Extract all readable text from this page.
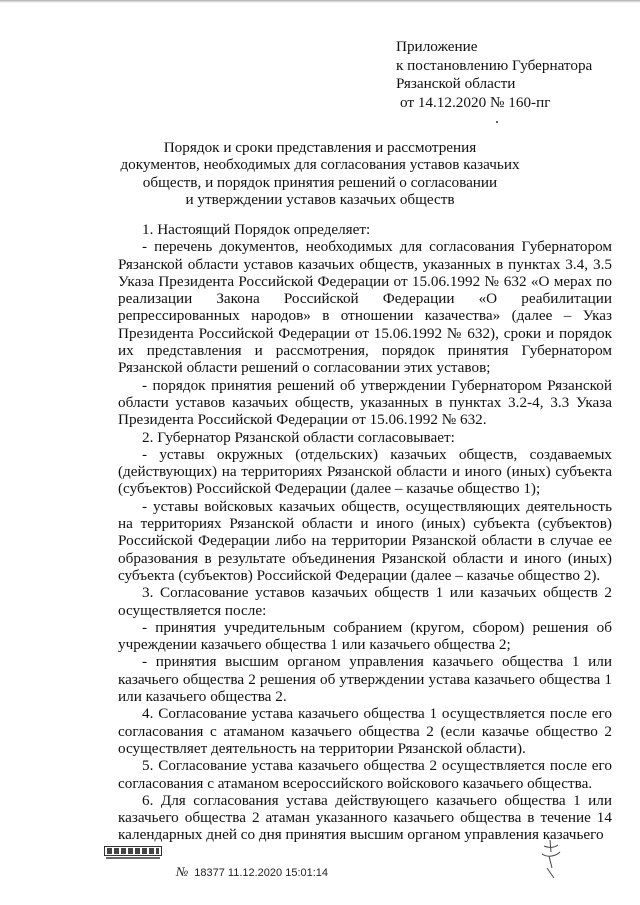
Приложение
к постановлению Губернатора
Рязанской области
от 14.12.2020 № 160-пг
Порядок и сроки представления и рассмотрения
документов, необходимых для согласования уставов казачьих
обществ, и порядок принятия решений о согласовании
и утверждении уставов казачьих обществ

1. Настоящий Порядок определяет:

- перечень документов, необходимых для согласования Губернатором Рязанской области уставов казачьих обществ, указанных в пунктах 3.4, 3.5 Указа Президента Российской Федерации от 15.06.1992 № 632 «О мерах по реализации Закона Российской Федерации «О реабилитации репрессированных народов» в отношении казачества» (далее – Указ Президента Российской Федерации от 15.06.1992 № 632), сроки и порядок их представления и рассмотрения, порядок принятия Губернатором Рязанской области решений о согласовании этих уставов;

- порядок принятия решений об утверждении Губернатором Рязанской области уставов казачьих обществ, указанных в пунктах 3.2-4, 3.3 Указа Президента Российской Федерации от 15.06.1992 № 632.

2. Губернатор Рязанской области согласовывает:

- уставы окружных (отдельских) казачьих обществ, создаваемых (действующих) на территориях Рязанской области и иного (иных) субъекта (субъектов) Российской Федерации (далее – казачье общество 1);

- уставы войсковых казачьих обществ, осуществляющих деятельность на территориях Рязанской области и иного (иных) субъекта (субъектов) Российской Федерации либо на территории Рязанской области в случае ее образования в результате объединения Рязанской области и иного (иных) субъекта (субъектов) Российской Федерации (далее – казачье общество 2).

3. Согласование уставов казачьих обществ 1 или казачьих обществ 2 осуществляется после:

- принятия учредительным собранием (кругом, сбором) решения об учреждении казачьего общества 1 или казачьего общества 2;

- принятия высшим органом управления казачьего общества 1 или казачьего общества 2 решения об утверждении устава казачьего общества 1 или казачьего общества 2.

4. Согласование устава казачьего общества 1 осуществляется после его согласования с атаманом казачьего общества 2 (если казачье общество 2 осуществляет деятельность на территории Рязанской области).

5. Согласование устава казачьего общества 2 осуществляется после его согласования с атаманом всероссийского войскового казачьего общества.

6. Для согласования устава действующего казачьего общества 1 или казачьего общества 2 атаман указанного казачьего общества в течение 14 календарных дней со дня принятия высшим органом управления казачьего

№ 18377 11.12.2020 15:01:14
